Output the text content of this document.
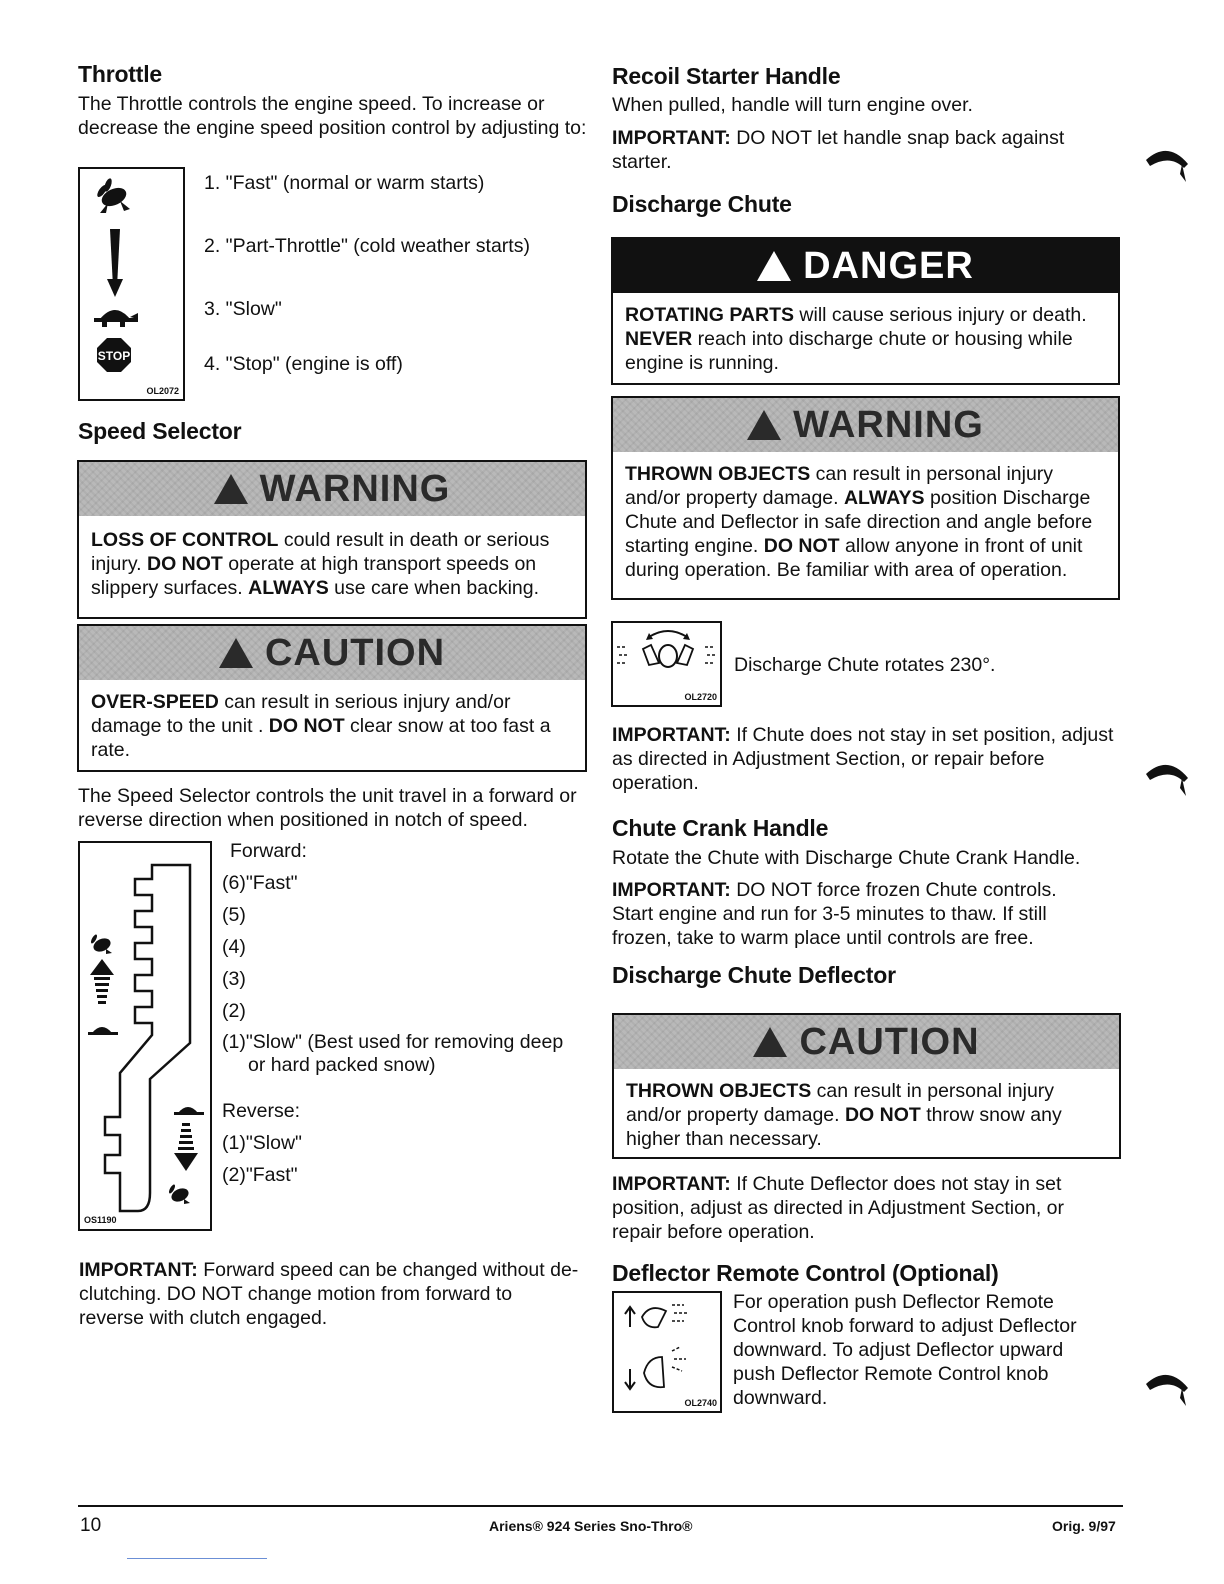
Throttle

The Throttle controls the engine speed. To increase or decrease the engine speed position control by adjusting to:

STOP
OL2072
1. "Fast" (normal or warm starts)
2. "Part-Throttle" (cold weather starts)
3. "Slow"
4. "Stop" (engine is off)
Speed Selector
WARNING
LOSS OF CONTROL could result in death or serious injury. DO NOT operate at high transport speeds on slippery surfaces. ALWAYS use care when backing.
CAUTION
OVER-SPEED can result in serious injury and/or damage to the unit . DO NOT clear snow at too fast a rate.

The Speed Selector controls the unit travel in a forward or reverse direction when positioned in notch of speed.

OS1190
Forward:
(6)"Fast"
(5)
(4)
(3)
(2)
(1)"Slow" (Best used for removing deep
or hard packed snow)
Reverse:
(1)"Slow"
(2)"Fast"

IMPORTANT: Forward speed can be changed without de-clutching. DO NOT change motion from forward to reverse with clutch engaged.

Recoil Starter Handle

When pulled, handle will turn engine over.

IMPORTANT: DO NOT let handle snap back against starter.

Discharge Chute
DANGER
ROTATING PARTS will cause serious injury or death. NEVER reach into discharge chute or housing while engine is running.
WARNING
THROWN OBJECTS can result in personal injury and/or property damage. ALWAYS position Discharge Chute and Deflector in safe direction and angle before starting engine. DO NOT allow anyone in front of unit during operation. Be familiar with area of operation.
OL2720
Discharge Chute rotates 230°.

IMPORTANT: If Chute does not stay in set position, adjust as directed in Adjustment Section, or repair before operation.

Chute Crank Handle

Rotate the Chute with Discharge Chute Crank Handle.

IMPORTANT: DO NOT force frozen Chute controls. Start engine and run for 3-5 minutes to thaw. If still frozen, take to warm place until controls are free.

Discharge Chute Deflector
CAUTION
THROWN OBJECTS can result in personal injury and/or property damage. DO NOT throw snow any higher than necessary.

IMPORTANT: If Chute Deflector does not stay in set position, adjust as directed in Adjustment Section, or repair before operation.

Deflector Remote Control (Optional)
OL2740

For operation push Deflector Remote Control knob forward to adjust Deflector downward. To adjust Deflector upward push Deflector Remote Control knob downward.

10	Ariens® 924 Series Sno-Thro®	Orig. 9/97
